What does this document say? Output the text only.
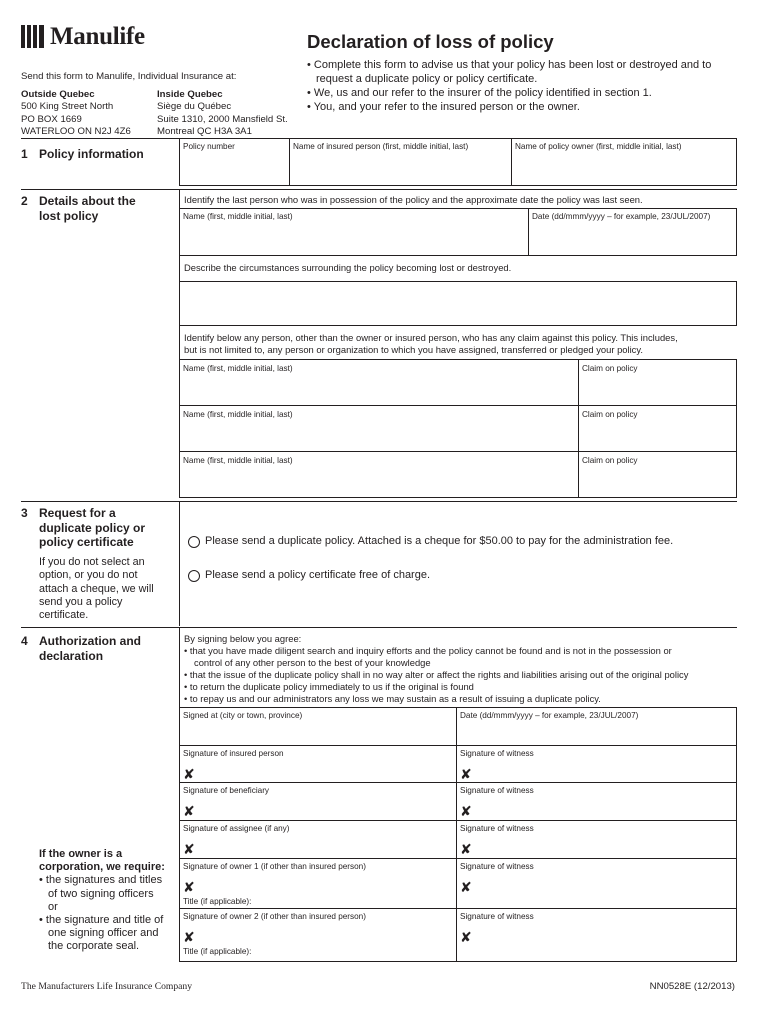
Manulife	Declaration of loss of policy
• Complete this form to advise us that your policy has been lost or destroyed and to request a duplicate policy or policy certificate.
• We, us and our refer to the insurer of the policy identified in section 1.
• You, and your refer to the insured person or the owner.
Send this form to Manulife, Individual Insurance at:
Outside Quebec
500 King Street North
PO BOX 1669
WATERLOO ON N2J 4Z6
Inside Quebec
Siège du Québec
Suite 1310, 2000 Mansfield St.
Montreal QC H3A 3A1
1 Policy information
Policy number	Name of insured person (first, middle initial, last)	Name of policy owner (first, middle initial, last)
2 Details about the
lost policy
Identify the last person who was in possession of the policy and the approximate date the policy was last seen.
Name (first, middle initial, last)	Date (dd/mmm/yyyy – for example, 23/JUL/2007)
Describe the circumstances surrounding the policy becoming lost or destroyed.
Identify below any person, other than the owner or insured person, who has any claim against this policy. This includes,
but is not limited to, any person or organization to which you have assigned, transferred or pledged your policy.
Name (first, middle initial, last)	Claim on policy
Name (first, middle initial, last)	Claim on policy
Name (first, middle initial, last)	Claim on policy
3 Request for a
duplicate policy or
policy certificate
If you do not select an
option, or you do not
attach a cheque, we will
send you a policy
certificate.
Please send a duplicate policy. Attached is a cheque for $50.00 to pay for the administration fee.
Please send a policy certificate free of charge.
4 Authorization and
declaration
By signing below you agree:
• that you have made diligent search and inquiry efforts and the policy cannot be found and is not in the possession or
control of any other person to the best of your knowledge
• that the issue of the duplicate policy shall in no way alter or affect the rights and liabilities arising out of the original policy
• to return the duplicate policy immediately to us if the original is found
• to repay us and our administrators any loss we may sustain as a result of issuing a duplicate policy.
Signed at (city or town, province)	Date (dd/mmm/yyyy – for example, 23/JUL/2007)
Signature of insured person	Signature of witness
✘	✘
Signature of beneficiary	Signature of witness
✘	✘
Signature of assignee (if any)	Signature of witness
✘	✘
Signature of owner 1 (if other than insured person)	Signature of witness
✘	✘
Title (if applicable):
Signature of owner 2 (if other than insured person)	Signature of witness
✘	✘
Title (if applicable):
If the owner is a
corporation, we require:
• the signatures and titles
of two signing officers
or
• the signature and title of
one signing officer and
the corporate seal.
The Manufacturers Life Insurance Company	NN0528E (12/2013)
